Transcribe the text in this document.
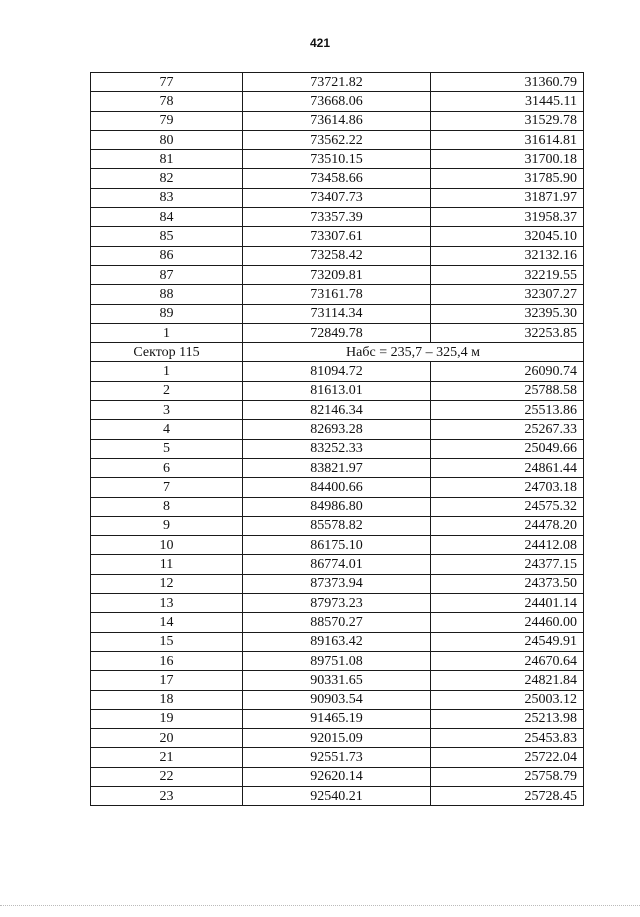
421
77	73721.82	31360.79
78	73668.06	31445.11
79	73614.86	31529.78
80	73562.22	31614.81
81	73510.15	31700.18
82	73458.66	31785.90
83	73407.73	31871.97
84	73357.39	31958.37
85	73307.61	32045.10
86	73258.42	32132.16
87	73209.81	32219.55
88	73161.78	32307.27
89	73114.34	32395.30
1	72849.78	32253.85
Сектор 115	Набс = 235,7 – 325,4 м	
1	81094.72	26090.74
2	81613.01	25788.58
3	82146.34	25513.86
4	82693.28	25267.33
5	83252.33	25049.66
6	83821.97	24861.44
7	84400.66	24703.18
8	84986.80	24575.32
9	85578.82	24478.20
10	86175.10	24412.08
11	86774.01	24377.15
12	87373.94	24373.50
13	87973.23	24401.14
14	88570.27	24460.00
15	89163.42	24549.91
16	89751.08	24670.64
17	90331.65	24821.84
18	90903.54	25003.12
19	91465.19	25213.98
20	92015.09	25453.83
21	92551.73	25722.04
22	92620.14	25758.79
23	92540.21	25728.45
